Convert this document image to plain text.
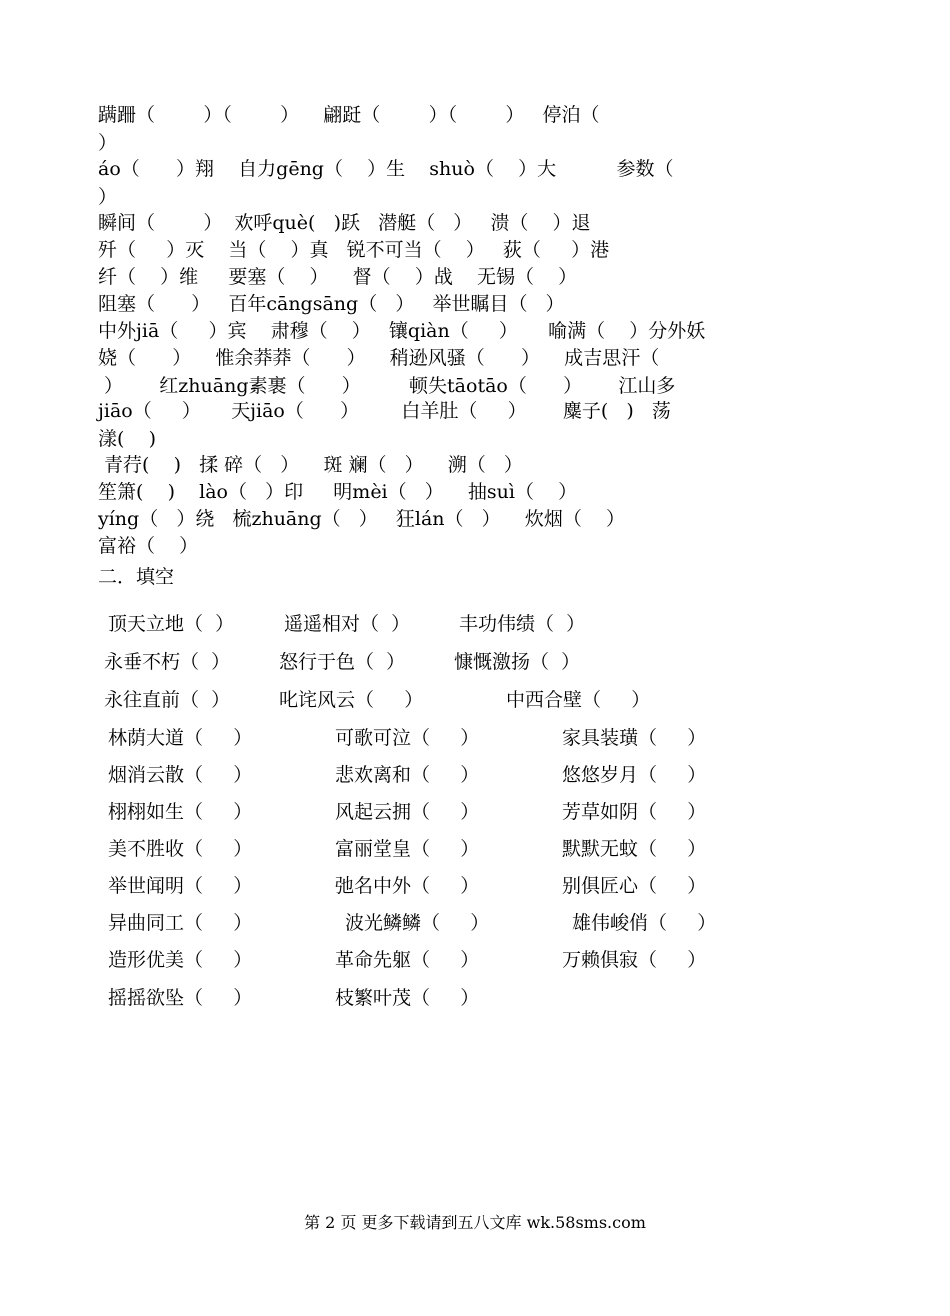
蹒跚（        ）（        ）    翩跹（        ）（        ）   停泊（
）
áo（      ）翔    自力gēng（    ）生    shuò（    ）大          参数（
）
瞬间（        ）  欢呼què(   )跃   潜艇（   ）   溃（    ）退
歼（     ）灭    当（    ）真   锐不可当（    ）   荻（     ）港
纤（    ）维     要塞（    ）    督（    ）战    无锡（    ）
阻塞（      ）   百年cāngsāng（   ）   举世瞩目（   ）
中外jiā（     ）宾    肃穆（    ）   镶qiàn（     ）     喻满（    ）分外妖
娆（      ）    惟余莽莽（      ）    稍逊风骚（      ）    成吉思汗（
）      红zhuāng素裹（      ）        顿失tāotāo（      ）      江山多
jiāo（     ）     天jiāo（      ）       白羊肚（     ）      麋子(   )   荡
漾(    )
青荇(    )   揉 碎（   ）    斑 斓（   ）    溯（   ）
笙箫(    )    lào（   ）印     明mèi（   ）    抽suì（    ）
yíng（   ）绕   梳zhuāng（   ）   狂lán（   ）    炊烟（    ）
富裕（    ）
二．填空
顶天立地（  ）	遥遥相对（  ）	丰功伟绩（  ）
永垂不朽（  ）	怒行于色（  ）	慷慨激扬（  ）
永往直前（  ）	叱诧风云（     ）	中西合壁（     ）
林荫大道（     ）	可歌可泣（     ）	家具装璜（     ）
烟消云散（     ）	悲欢离和（     ）	悠悠岁月（     ）
栩栩如生（     ）	风起云拥（     ）	芳草如阴（     ）
美不胜收（     ）	富丽堂皇（     ）	默默无蚊（     ）
举世闻明（     ）	弛名中外（     ）	别俱匠心（     ）
异曲同工（     ）	波光鳞鳞（     ）	雄伟峻俏（     ）
造形优美（     ）	革命先躯（     ）	万赖俱寂（     ）
摇摇欲坠（     ）	枝繁叶茂（     ）
第 2 页 更多下载请到五八文库 wk.58sms.com
